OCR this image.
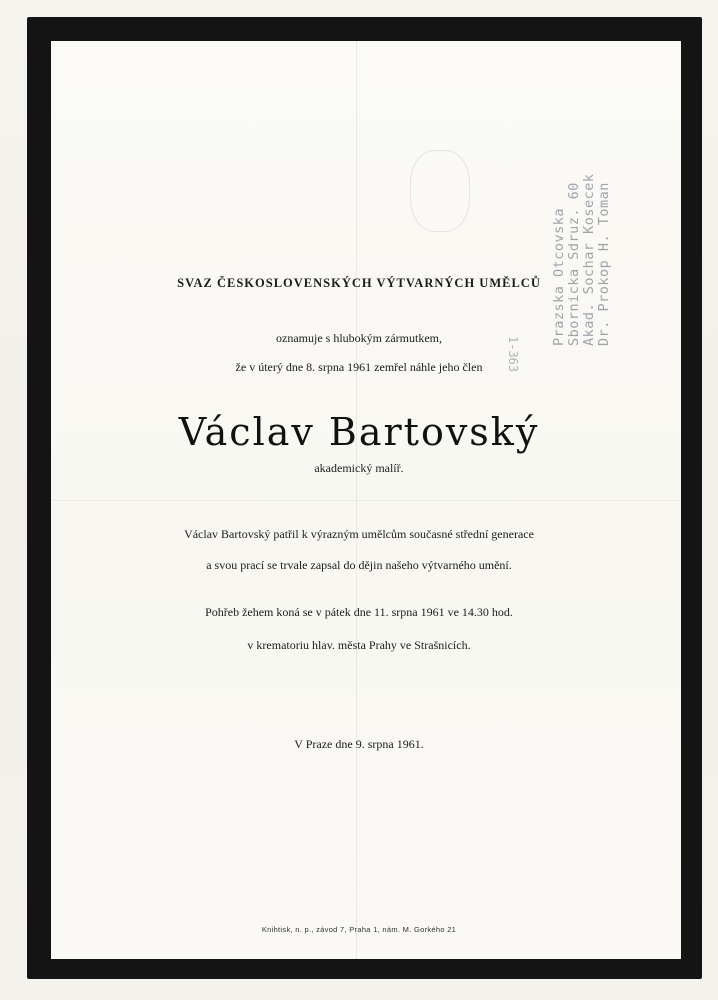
Dr. Prokop H. Toman
Akad. Sochar Kosecek
Sbornicka Sdruz. 60
Prazska Otcovska
1-363
SVAZ ČESKOSLOVENSKÝCH VÝTVARNÝCH UMĚLCŮ
oznamuje s hlubokým zármutkem,
že v úterý dne 8. srpna 1961 zemřel náhle jeho člen
Václav Bartovský
akademický malíř.
Václav Bartovský patřil k výrazným umělcům současné střední generace
a svou prací se trvale zapsal do dějin našeho výtvarného umění.
Pohřeb žehem koná se v pátek dne 11. srpna 1961 ve 14.30 hod.
v krematoriu hlav. města Prahy ve Strašnicích.
V Praze dne 9. srpna 1961.
Knihtisk, n. p., závod 7, Praha 1, nám. M. Gorkého 21
